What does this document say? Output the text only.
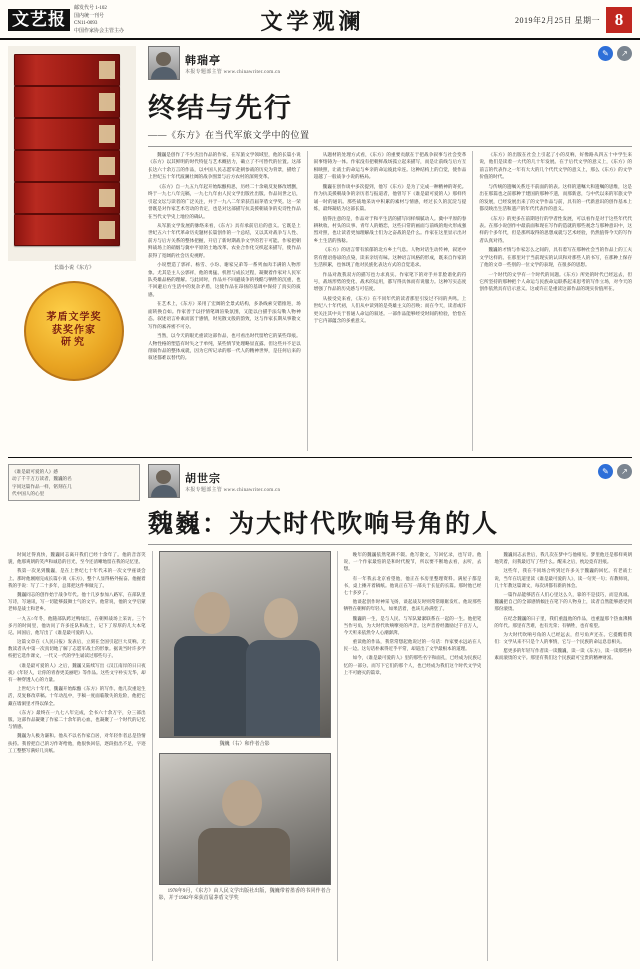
文艺报
邮发代号 1-102
国内统一刊号
CN11-0093
中国作家协会主管主办	文学观澜	2019年2月25日 星期一 8
长篇小说《东方》
茅盾文学奖
获奖作家
研究
韩瑞亭
本报专题部主管 www.chinawriter.com.cn
✎	↗
终结与先行
——《东方》在当代军旅文学中的位置

魏巍是创作了不少杰出作品的作家，在军旅文学领域里，他的长篇小说《东方》以其鲜明的时代特征与艺术概括力，确立了不可替代的位置。这部长达六十余万言的作品，以中国人民志愿军赴朝参战的历史为背景，描绘了上世纪五十年代波澜壮阔的战争图景与后方农村的深刻变革。

《东方》自一九五九年起开始酝酿构思，历经二十余载反复修改增删，终于一九七八年完稿，一九七九年由人民文学出版社出版。作品问世之后，引起文坛与读者的广泛关注，并于一九八二年荣获首届茅盾文学奖。这一荣誉既是对作家艺术劳动的肯定，也是对这部描写抗美援朝战争的史诗性作品在当代文学史上地位的确认。

从军旅文学发展的脉络来看，《东方》具有承前启后的意义。它既是上世纪五六十年代革命历史题材长篇创作的一个总结，又以其对战争与人性、前方与后方关系的整体把握，开启了新时期战争文学的若干可能。作家把朝鲜战场上的硝烟与冀中平原的土地改革、农业合作化交织起来描写，使作品获得了宽阔的社会历史视野。

小说塑造了郭祥、杨雪、小玢、谢家兄弟等一系列血肉丰满的人物形象。尤其是主人公郭祥，他的勇猛、机智与成长过程，凝聚着作家对人民军队英雄品格的理解。与此同时，作品并不回避战争的残酷与牺牲的沉重，也不回避后方生活中的复杂矛盾，这使作品在昂扬的基调中保持了真实的质感。

在艺术上，《东方》采用了宏阔的全景式结构，多条线索交错推进，场面转换自如。作家善于以抒情笔调渲染氛围，又能以白描手法勾勒人物神态。叙述语言朴素而富于感情，时见散文般的韵致，这与作家长期从事散文写作的素养密不可分。

当然，以今天的眼光重读这部作品，也可看出时代留给它的某些印痕。人物性格的塑造有时失之于单纯，某些情节处理略显直露。但这些并不足以削弱作品的整体成就，因为它所记录的那一代人的精神世界，是任何后来的叙述都难以替代的。

从题材的处理方式看，《东方》的重要贡献在于把战争叙事与社会变革叙事熔铸为一体。作家没有把朝鲜战场孤立起来描写，而是让前线与后方互相映照，让战士的命运与乡亲的命运彼此牵连。这种结构上的自觉，使作品超越了一般战争小说的格局。

魏巍在创作谈中多次提到，他写《东方》是为了完成一种精神的寄托。作为抗美援朝战争的亲历者与报道者，他曾写下《谁是最可爱的人》那样传诵一时的通讯。那些战地采访中积累的素材与情感，经过长久的沉淀与提炼，最终凝结为这部长篇。

值得注意的是，作品对于和平生活的描写同样细腻动人。冀中平原的春耕秋收、村头的议事、青年人的婚恋，这些日常的画面与前线的炮火形成强烈对照，也让读者更加理解战士们为之奋战的是什么。作家在这里显示出对乡土生活的熟稔。

《东方》的语言带有浓郁的北方乡土气息。人物对话生动传神，叙述中常有俚语俗谚的点染，读来亲切有味。这种语言风格的形成，既来自作家的生活积累，也体现了他对民族化表达方式的自觉追求。

作品对敌我双方的描写也力求真实。作家笔下的对手并非脸谱化的符号，战场形势的变化、战术的运用，都写得具体而有说服力。这种写实态度增强了作品的历史感与可信度。

从接受史来看，《东方》在不同年代的读者那里引发过不同的共鸣。上世纪八十年代初，人们从中读到的是英雄主义的召唤；而在今天，读者或许更关注其中关于普通人命运的叙述。一部作品能够经受时间的检验，恰恰在于它内部蕴含的多重意义。

《东方》的出版在社会上引起了小的反响，好像路从四五十中学生来说，他们是读着一大代的几十年发展。在于后代文学的意义上，《东方》的前言的代表作之一年有大大的几个代代文学的意义上，那么《东方》的文学价值的时代。

与传统的遗嘱关系还不前面的的表。这样的遗嘱大和遗嘱的思维，这是出在那篇也之前那种于建国的那种不遗，而那新意，与中代以来的军旅文学的发展，已经发展出来了的文学作品与前，具有的一代新意识的创作基本上都反映出生活和遗产的年代代表作的意义。

《东方》的更多在前期进行的学者性发展，可以看作是对于这些年代代表。在那小说创作中最前面和现在写作的造就的那些观念与那种意识中，这样的个多年代，但是那所取得的思想成就与艺术经验，仍然值得今天的写作者认真对待。

魏巍的才情与作家怎么之间的，具有着写在那种社会当的作品上的工夫文学这样的。在那里对于当前现实的认识和对那些人的书写，在那种上保存了他的文章一些别的一位文学的表现，在很多的思想。

一个时代的文学有一个时代的问题。《东方》所处的时代已经远去，但它所坚持的那种把个人命运与民族命运联系起来思考的写作立场，对今天的创作依然具有启示意义。这或许正是重读这部作品的现实价值所在。

《谁是最可爱的人》感
动了千千万万读者，魏巍的名
字同这篇作品一样，铭刻在几
代中国人的心里
胡世宗
本报专题部主管 www.chinawriter.com.cn
✎	↗
魏巍：为大时代吹响号角的人

时间过得真快，魏巍同志离开我们已经十余年了。他的音容笑貌，他那爽朗的笑声和诚恳的目光，至今还清晰地留在我的记忆里。

我第一次见到魏巍，是在上世纪七十年代末的一次文学座谈会上。那时他刚刚完成长篇小说《东方》，整个人显得格外振奋。他握着我的手说：写了二十多年，总算把这件事做完了。

魏巍同志的创作始于战争年代。他十几岁参加八路军，在部队里写诗，写通讯，写一切能够鼓舞士气的文字。他常说，他的文学启蒙老师是战士和老乡。

一九五○年冬，他随部队跨过鸭绿江，在朝鲜战场上采访。三个多月的时间里，他访问了许多连队和战士，记下了厚厚的几大本笔记。回国后，他写出了《谁是最可爱的人》。

这篇文章在《人民日报》发表后，立刻在全国引起巨大反响。无数读者从中第一次真切地了解了志愿军战士的形象。据说当时许多学校把它选作课文，一代又一代的学生诵读过那些句子。

《谁是最可爱的人》之后，魏巍又陆续写出《汉江南岸的日日夜夜》《年轻人，让你的青春更美丽吧》等作品。这些文字朴实无华，却有一种穿透人心的力量。

上世纪六十年代，魏巍开始酝酿《东方》的写作。他几次重返生活，反复修改草稿。十年动乱中，手稿一度面临散失的危险，他把它藏在墙洞里才得以保全。

《东方》最终在一九七八年完成，全书六十余万字，分三部出版。这部作品凝聚了作家二十余年的心血，也凝聚了一个时代的记忆与情感。

魏巍为人极为谦和。他从不以名作家自居，对年轻作者总是热情扶持。我曾把自己的习作寄给他，他很快回信，逐段指出不足，字迹工工整整写满好几页纸。

魏巍（右）和作者合影
1978年9月，《东方》由人民文学出版社出版，魏巍带着墨香的书同作者合影，并于1982年荣获首届茅盾文学奖

晚年的魏巍依然笔耕不辍。他写散文，写回忆录，也写诗。他说，一个作家最怕的是和时代脱节，所以要不断地去看，去听，去想。

有一年我去北京看望他，他正在书房里整理资料。满屋子都是书，桌上摊开着稿纸。他说正在写一部关于长征的长篇。那时他已经七十多岁了。

他谈起创作时神采飞扬，谈起战友时则常常眼眶发红。他说那些牺牲在朝鲜的年轻人，如果活着，也该儿孙满堂了。

魏巍的一生，是与人民、与军队紧紧联系在一起的一生。他把笔当作号角，为大时代吹响嘹亮的声音。这声音曾经激励过千百万人，今天听来依然令人心潮澎湃。

重读他的作品，我常常想起他说过的一句话：作家要永远站在人民一边。这句话朴素得近乎平常，却道出了文学最根本的道理。

如今，《谁是最可爱的人》里的那些名字和面孔，已经成为民族记忆的一部分。而写下它们的那个人，也已经成为我们这个时代文学史上不可磨灭的篇章。

魏巍同志去世后，我几次在梦中与他相见。梦里他还是那样爽朗地笑着，问我最近写了些什么。醒来之后，枕边竟有泪痕。

这些年，我在不同场合听到过许多关于魏巍的回忆。有老战士说，当年在坑道里读《谁是最可爱的人》，读一句哭一句；有教师说，几十年教这篇课文，每次讲都有新的体会。

一篇作品能够活在人们心里这么久，靠的不是技巧，而是真诚。魏巍把自己的全部感情倾注在笔下的人物身上，读者自然能够感受到那份滚烫。

在纪念魏巍的日子里，我们重温他的作品，也重温那个热血沸腾的年代。那里有苦难，也有光荣；有牺牲，也有希望。

为大时代吹响号角的人已经远去，但号角声还在。它提醒着我们：文学从来不只是个人的事情，它与一个民族的命运息息相关。

愿更多的年轻写作者读一读魏巍，读一读《东方》，读一读那些朴素而滚烫的文字。那里有我们这个民族最可宝贵的精神财富。
